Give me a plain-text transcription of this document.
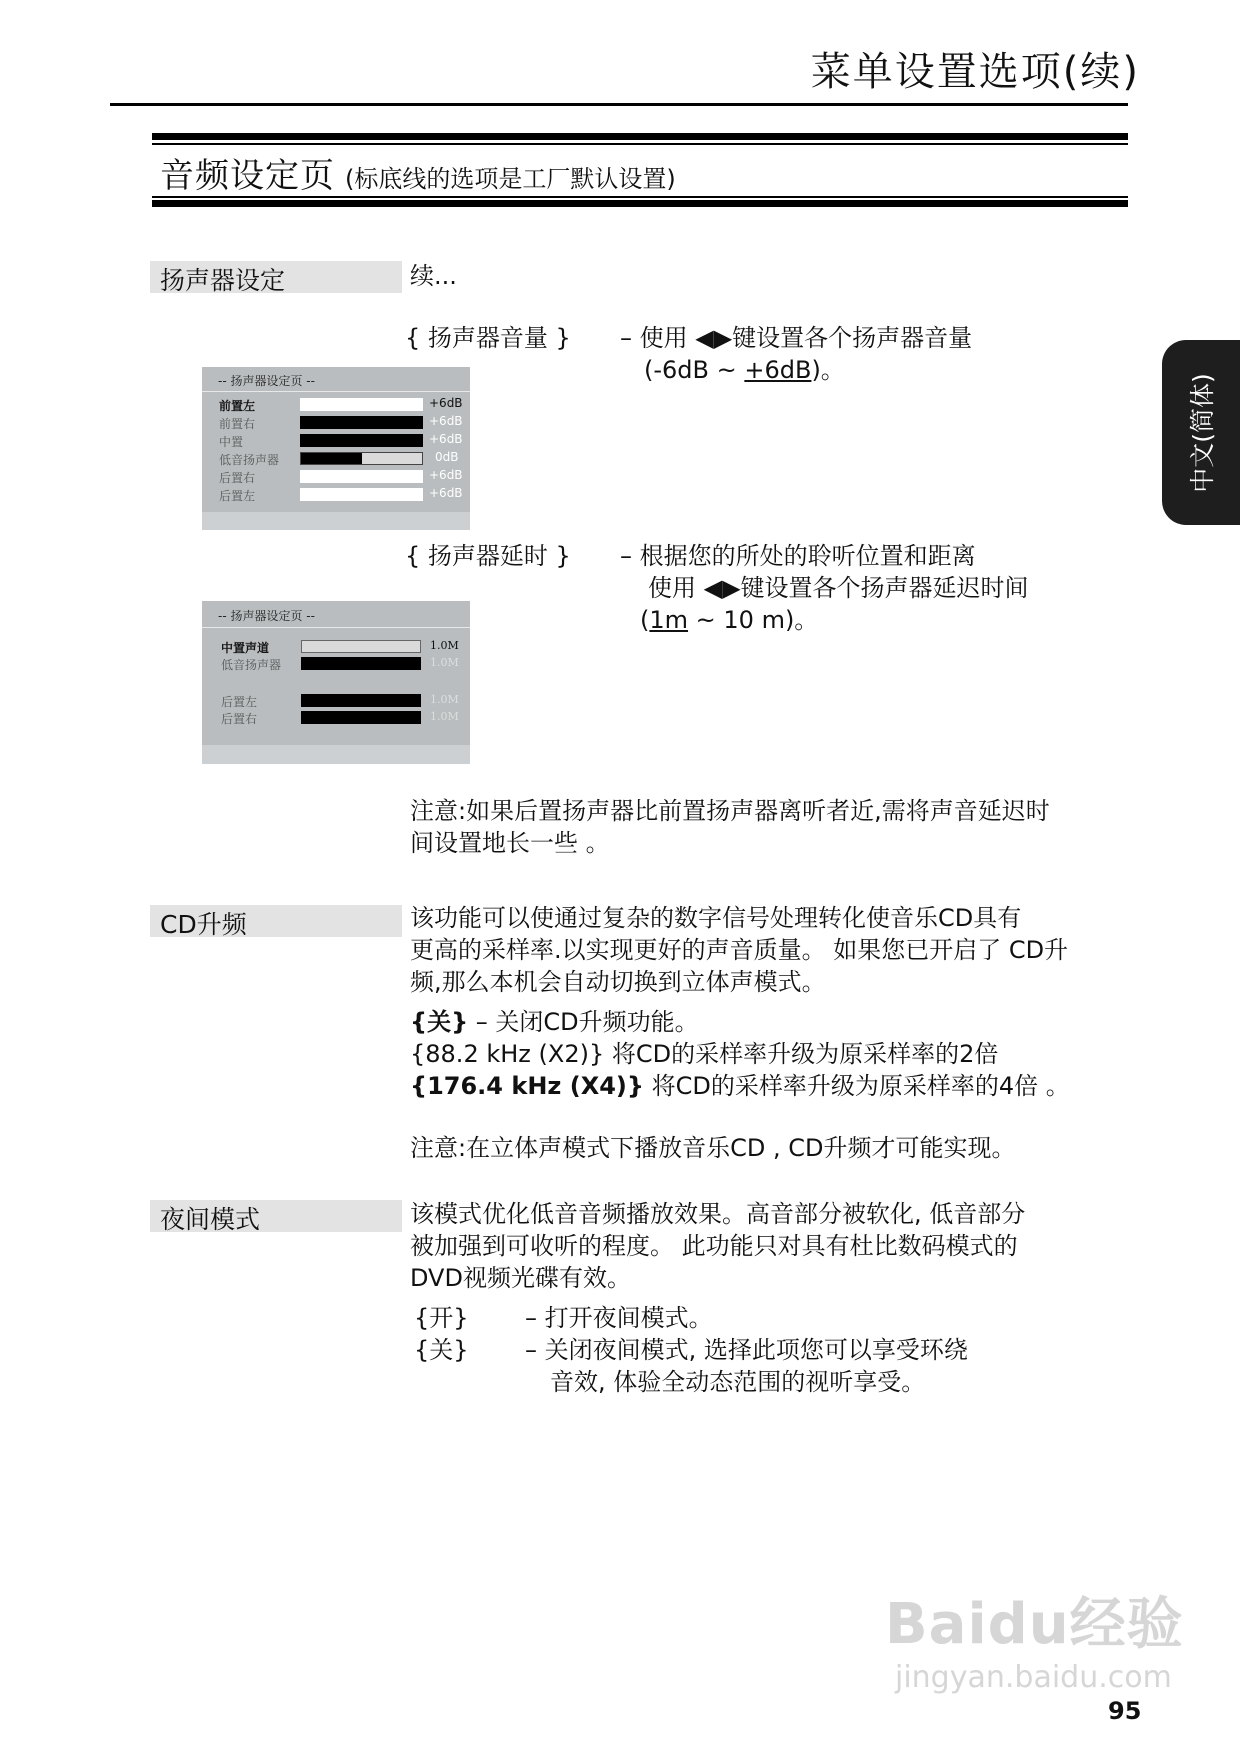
菜单设置选项(续)
音频设定页 (标底线的选项是工厂默认设置)
中文(简体)
扬声器设定	续...
{ 扬声器音量 } – 使用 ◀▶键设置各个扬声器音量
(-6dB ~ +6dB)。
-- 扬声器设定页 --
前置左	+6dB
前置右	+6dB
中置	+6dB
低音扬声器	0dB
后置右	+6dB
后置左	+6dB
{ 扬声器延时 } – 根据您的所处的聆听位置和距离
使用 ◀▶键设置各个扬声器延迟时间
(1m ~ 10 m)。
-- 扬声器设定页 --
中置声道	1.0M
低音扬声器	1.0M
后置左	1.0M
后置右	1.0M
注意:如果后置扬声器比前置扬声器离听者近,需将声音延迟时
间设置地长一些 。
CD升频	该功能可以使通过复杂的数字信号处理转化使音乐CD具有
更高的采样率.以实现更好的声音质量。 如果您已开启了 CD升
频,那么本机会自动切换到立体声模式。
{关} – 关闭CD升频功能。
{88.2 kHz (X2)} 将CD的采样率升级为原采样率的2倍
{176.4 kHz (X4)} 将CD的采样率升级为原采样率的4倍 。
注意:在立体声模式下播放音乐CD , CD升频才可能实现。
夜间模式	该模式优化低音音频播放效果。高音部分被软化, 低音部分
被加强到可收听的程度。 此功能只对具有杜比数码模式的
DVD视频光碟有效。
{开} – 打开夜间模式。
{关} – 关闭夜间模式, 选择此项您可以享受环绕
音效, 体验全动态范围的视听享受。
Baidu经验
jingyan.baidu.com
95
